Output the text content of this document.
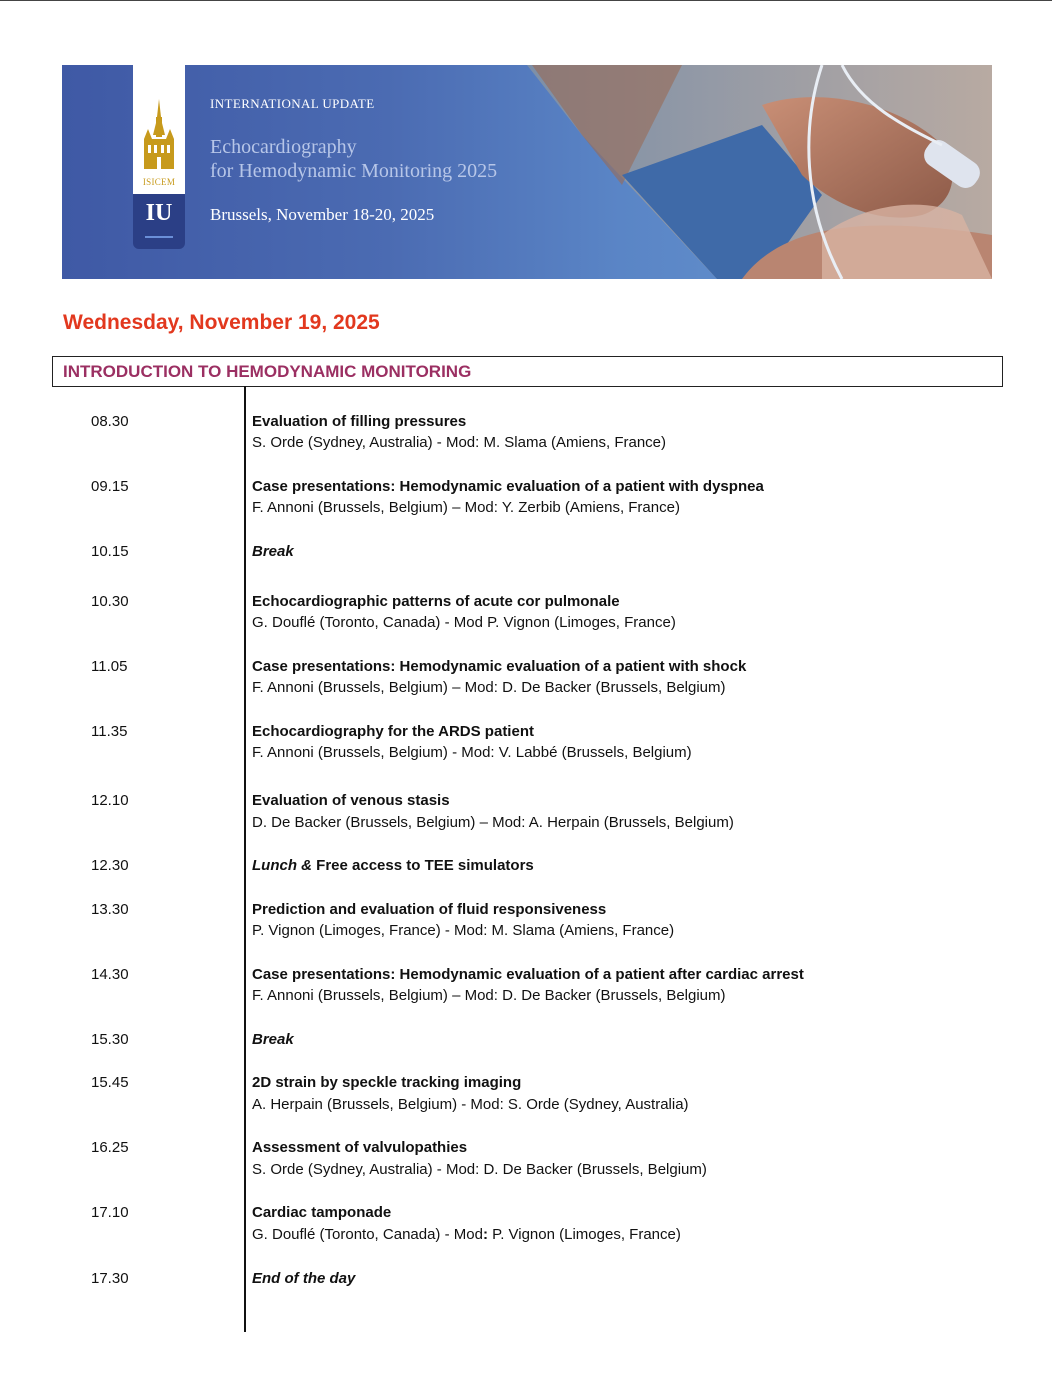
ISICEM
IU
INTERNATIONAL UPDATE
Echocardiography
for Hemodynamic Monitoring 2025
Brussels, November 18-20, 2025
Wednesday, November 19, 2025
INTRODUCTION TO HEMODYNAMIC MONITORING
08.30	Evaluation of filling pressures
S. Orde (Sydney, Australia) - Mod: M. Slama (Amiens, France)
09.15	Case presentations: Hemodynamic evaluation of a patient with dyspnea
F. Annoni (Brussels, Belgium) – Mod: Y. Zerbib (Amiens, France)
10.15	Break
10.30	Echocardiographic patterns of acute cor pulmonale
G. Douflé (Toronto, Canada) - Mod P. Vignon (Limoges, France)
11.05	Case presentations: Hemodynamic evaluation of a patient with shock
F. Annoni (Brussels, Belgium) – Mod: D. De Backer (Brussels, Belgium)
11.35	Echocardiography for the ARDS patient
F. Annoni (Brussels, Belgium) - Mod: V. Labbé (Brussels, Belgium)
12.10	Evaluation of venous stasis
D. De Backer (Brussels, Belgium) – Mod: A. Herpain (Brussels, Belgium)
12.30	Lunch & Free access to TEE simulators
13.30	Prediction and evaluation of fluid responsiveness
P. Vignon (Limoges, France) - Mod: M. Slama (Amiens, France)
14.30	Case presentations: Hemodynamic evaluation of a patient after cardiac arrest
F. Annoni (Brussels, Belgium) – Mod: D. De Backer (Brussels, Belgium)
15.30	Break
15.45	2D strain by speckle tracking imaging
A. Herpain (Brussels, Belgium) - Mod: S. Orde (Sydney, Australia)
16.25	Assessment of valvulopathies
S. Orde (Sydney, Australia) - Mod: D. De Backer (Brussels, Belgium)
17.10	Cardiac tamponade
G. Douflé (Toronto, Canada) - Mod: P. Vignon (Limoges, France)
17.30	End of the day
